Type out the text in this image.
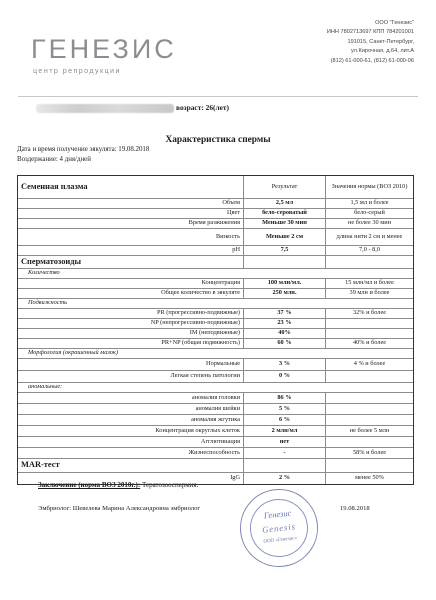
ГЕНЕЗИС
центр репродукции
ООО "Генезис"
ИНН 7802713697 КПП 784201001
191015, Санкт-Петербург,
ул.Кирочная, д.64, лит.А
(812) 61-000-61, (812) 61-000-06
возраст: 26(лет)
Характеристика спермы
Дата и время получение эякулята: 19.08.2018
Воздержание: 4 дня/дней
Семенная плазма	Результат	Значения нормы (ВОЗ 2010)
Объем	2,5 мл	1,5 мл и более
Цвет	бело-сероватый	бело-серый
Время разжижения	Меньше 30 мин	не более 30 мин
Вязкость	Меньше 2 см	длина нити 2 см и менее
pH	7,5	7,0 - 8,0
Сперматозоиды
Количество
Концентрация	100 млн/мл.	15 млн/мл и более
Общее количество в эякуляте	250 млн.	39 млн и более
Подвижность
PR (прогрессивно-подвижные)	37 %	32% и более
NP (непрогрессивно-подвижные)	23 %
IM (неподвижные)	40%
PR+NP (общая подвижность)	60 %	40% и более
Морфология (окрашенный мазок)
Нормальные	3 %	4 % и более
Легкая степень патологии	0 %
аномальные:
аномалия головки	86 %
аномалия шейки	5 %
аномалия жгутика	6 %
Концентрация округлых клеток	2 млн/мл	не более 5 млн
Агглютинация	нет
Жизнеспособность	-	58% и более
MAR-тест
IgG	2 %	менее 50%
Заключение (норма ВОЗ 2010г.): Тератозооспермия.
Эмбриолог: Шевелева Марина Александровна эмбриолог	19.08.2018
Генезис
Genesis
ООО «Генезис»
